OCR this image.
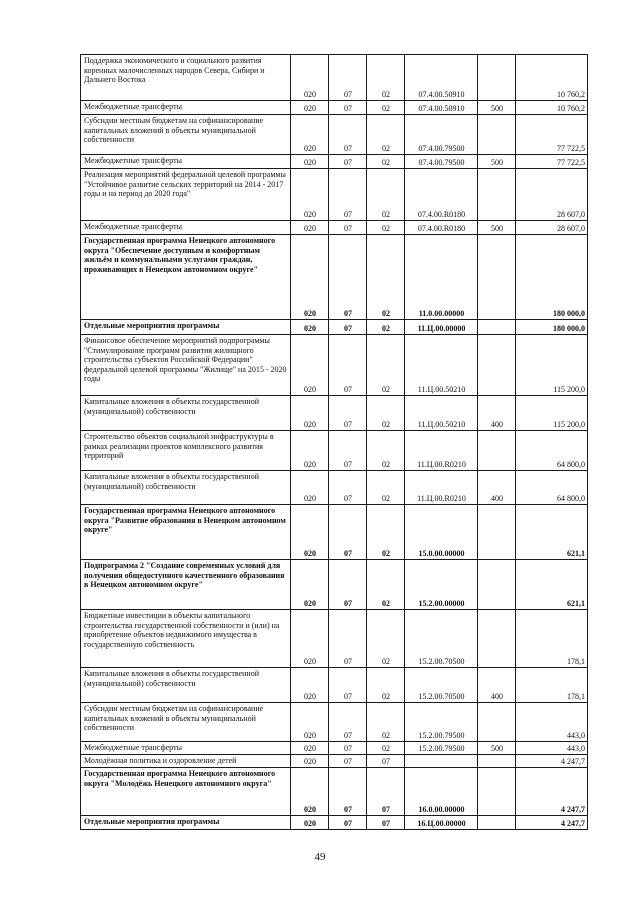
Поддержка экономического и социального развития коренных малочисленных народов Севера, Сибири и Дальнего Востока	020	07	02	07.4.00.50910		10 760,2
Межбюджетные трансферты	020	07	02	07.4.00.50910	500	10 760,2
Субсидии местным бюджетам на софинансирование капитальных вложений в объекты муниципальной собственности	020	07	02	07.4.00.79500		77 722,5
Межбюджетные трансферты	020	07	02	07.4.00.79500	500	77 722,5
Реализация мероприятий федеральной целевой программы "Устойчивое развитие сельских территорий на 2014 - 2017 годы и на период до 2020 года"	020	07	02	07.4.00.R0180		28 607,0
Межбюджетные трансферты	020	07	02	07.4.00.R0180	500	28 607,0
Государственная программа Ненецкого автономного округа "Обеспечение доступным и комфортным жильём и коммунальными услугами граждан, проживающих в Ненецком автономном округе"	020	07	02	11.0.00.00000		180 000,0
Отдельные мероприятия программы	020	07	02	11.Ц.00.00000		180 000,0
Финансовое обеспечение мероприятий подпрограммы "Стимулирование программ развития жилищного строительства субъектов Российской Федерации" федеральной целевой программы "Жилище" на 2015 - 2020 годы	020	07	02	11.Ц.00.50210		115 200,0
Капитальные вложения в объекты государственной (муниципальной) собственности	020	07	02	11.Ц.00.50210	400	115 200,0
Строительство объектов социальной инфраструктуры в рамках реализации проектов комплексного развития территорий	020	07	02	11.Ц.00.R0210		64 800,0
Капитальные вложения в объекты государственной (муниципальной) собственности	020	07	02	11.Ц.00.R0210	400	64 800,0
Государственная программа Ненецкого автономного округа "Развитие образования в Ненецком автономном округе"	020	07	02	15.0.00.00000		621,1
Подпрограмма 2 "Создание современных условий для получения общедоступного качественного образования в Ненецком автономном округе"	020	07	02	15.2.00.00000		621,1
Бюджетные инвестиции в объекты капитального строительства государственной собственности и (или) на приобретение объектов недвижимого имущества в государственную собственность	020	07	02	15.2.00.70500		178,1
Капитальные вложения в объекты государственной (муниципальной) собственности	020	07	02	15.2.00.70500	400	178,1
Субсидии местным бюджетам на софинансирование капитальных вложений в объекты муниципальной собственности	020	07	02	15.2.00.79500		443,0
Межбюджетные трансферты	020	07	02	15.2.00.79500	500	443,0
Молодёжная политика и оздоровление детей	020	07	07			4 247,7
Государственная программа Ненецкого автономного округа "Молодёжь Ненецкого автономного округа"	020	07	07	16.0.00.00000		4 247,7
Отдельные мероприятия программы	020	07	07	16.Ц.00.00000		4 247,7
49
